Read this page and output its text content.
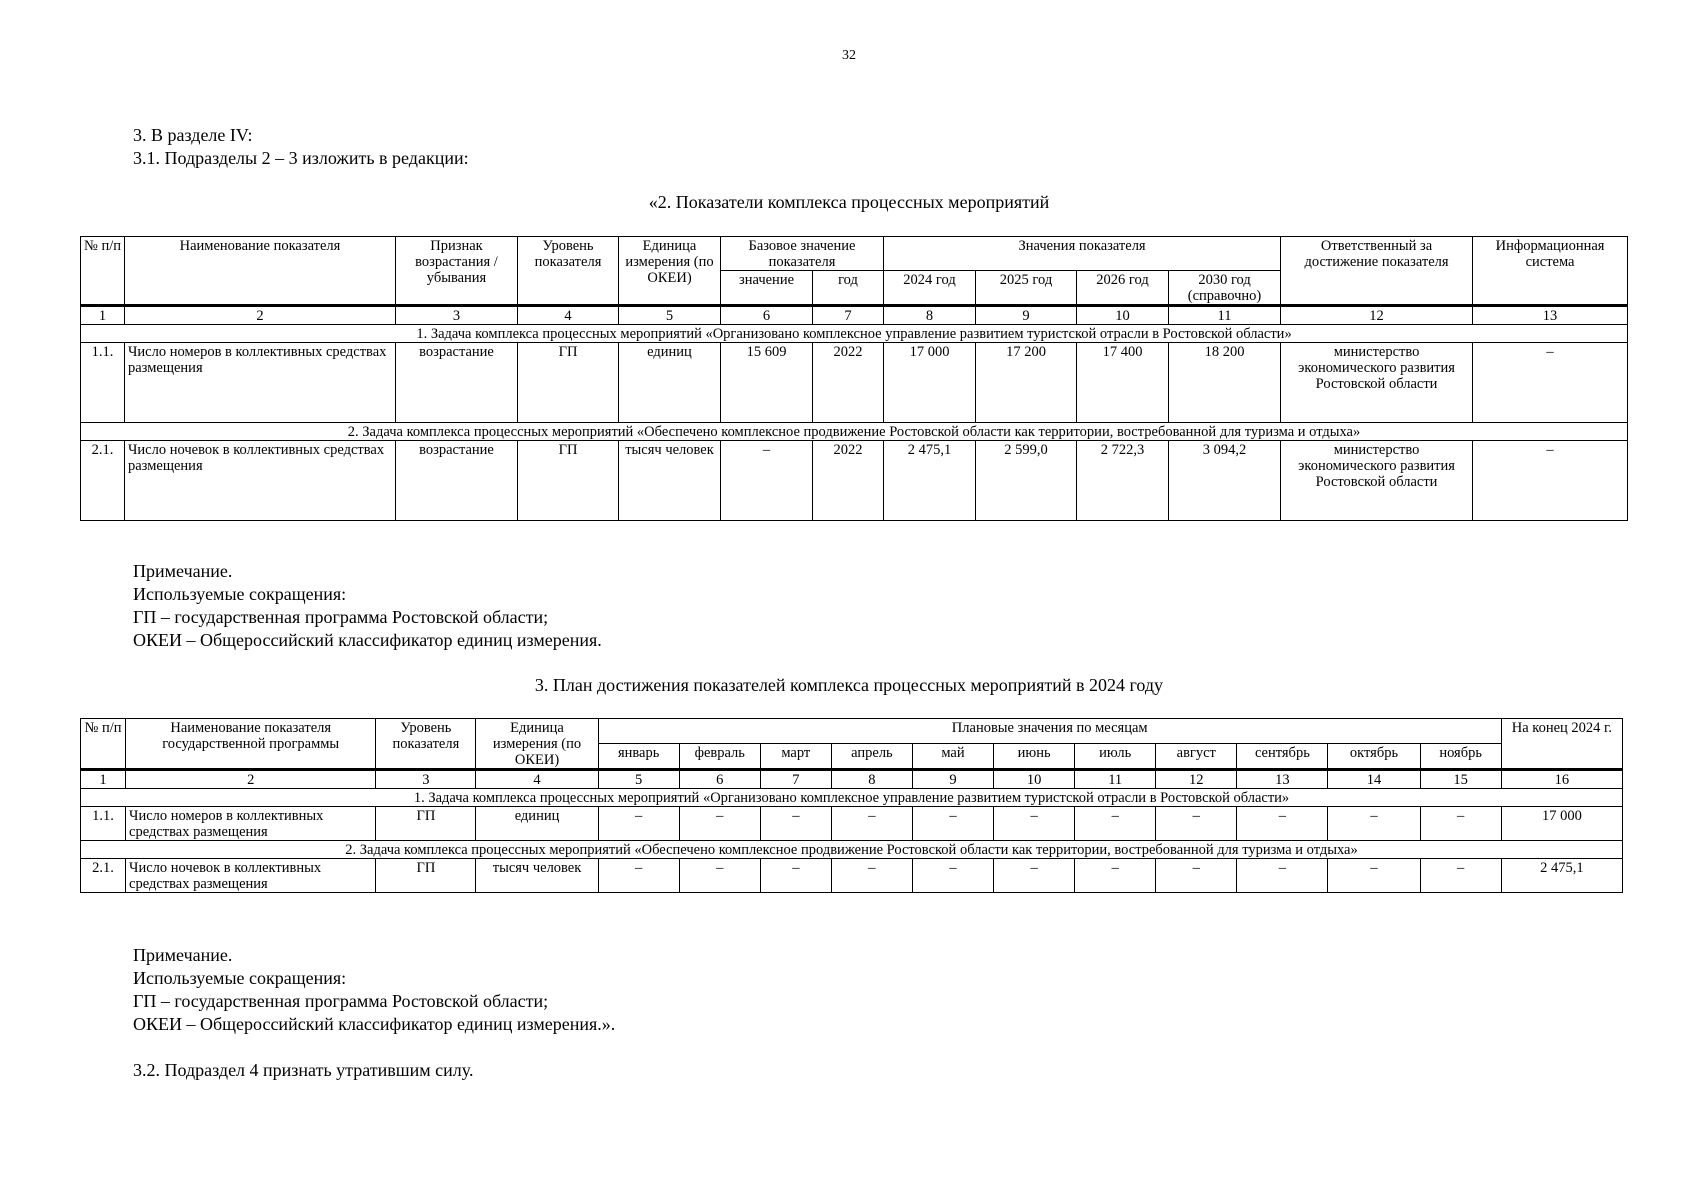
32
3. В разделе IV:
3.1. Подразделы 2 – 3 изложить в редакции:
«2. Показатели комплекса процессных мероприятий
№ п/п	Наименование показателя	Признак возрастания / убывания	Уровень показателя	Единица измерения (по ОКЕИ)	Базовое значение показателя		Значения показателя				Ответственный за достижение показателя	Информационная система
					значение	год	2024 год	2025 год	2026 год	2030 год (справочно)		
1	2	3	4	5	6	7	8	9	10	11	12	13
1. Задача комплекса процессных мероприятий «Организовано комплексное управление развитием туристской отрасли в Ростовской области»												
1.1.	Число номеров в коллективных средствах размещения	возрастание	ГП	единиц	15 609	2022	17 000	17 200	17 400	18 200	министерство экономического развития Ростовской области	–
2. Задача комплекса процессных мероприятий «Обеспечено комплексное продвижение Ростовской области как территории, востребованной для туризма и отдыха»												
2.1.	Число ночевок в коллективных средствах размещения	возрастание	ГП	тысяч человек	–	2022	2 475,1	2 599,0	2 722,3	3 094,2	министерство экономического развития Ростовской области	–
Примечание.
Используемые сокращения:
ГП – государственная программа Ростовской области;
ОКЕИ – Общероссийский классификатор единиц измерения.
3. План достижения показателей комплекса процессных мероприятий в 2024 году
№ п/п	Наименование показателя государственной программы	Уровень показателя	Единица измерения (по ОКЕИ)	Плановые значения по месяцам											На конец 2024 г.
				январь	февраль	март	апрель	май	июнь	июль	август	сентябрь	октябрь	ноябрь	
1	2	3	4	5	6	7	8	9	10	11	12	13	14	15	16
1. Задача комплекса процессных мероприятий «Организовано комплексное управление развитием туристской отрасли в Ростовской области»															
1.1.	Число номеров в коллективных средствах размещения	ГП	единиц	–	–	–	–	–	–	–	–	–	–	–	17 000
2. Задача комплекса процессных мероприятий «Обеспечено комплексное продвижение Ростовской области как территории, востребованной для туризма и отдыха»															
2.1.	Число ночевок в коллективных средствах размещения	ГП	тысяч человек	–	–	–	–	–	–	–	–	–	–	–	2 475,1
Примечание.
Используемые сокращения:
ГП – государственная программа Ростовской области;
ОКЕИ – Общероссийский классификатор единиц измерения.».
3.2. Подраздел 4 признать утратившим силу.
